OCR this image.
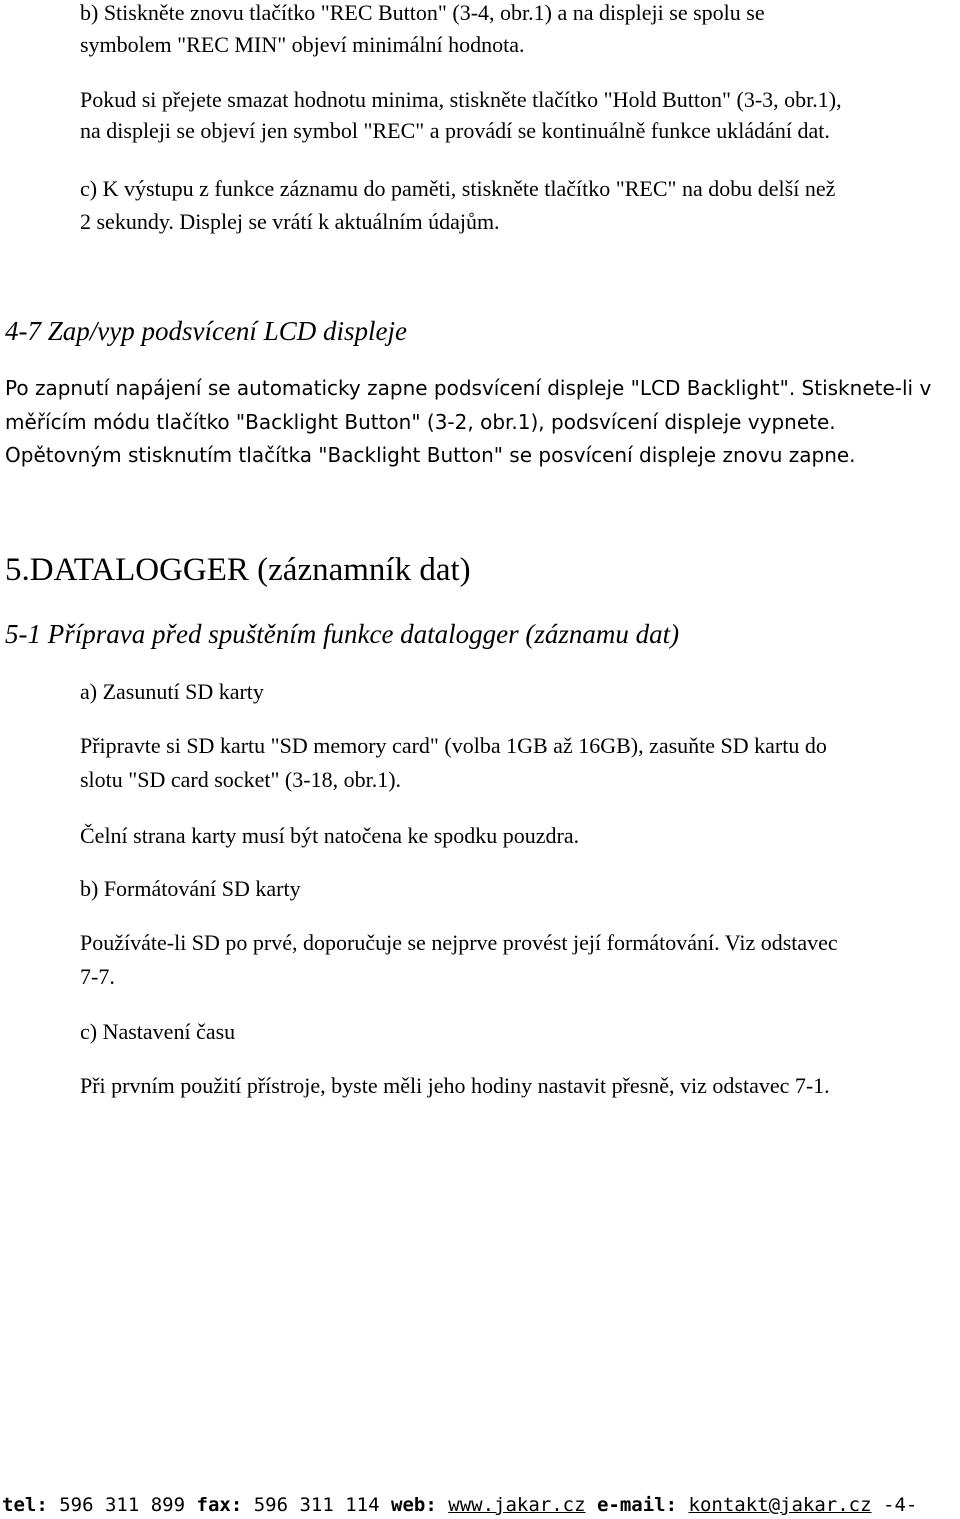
b) Stiskněte znovu tlačítko "REC Button" (3-4, obr.1) a na displeji se spolu se
symbolem "REC MIN" objeví minimální hodnota.
Pokud si přejete smazat hodnotu minima, stiskněte tlačítko "Hold Button" (3-3, obr.1),
na displeji se objeví jen symbol "REC" a provádí se kontinuálně funkce ukládání dat.
c) K výstupu z funkce záznamu do paměti, stiskněte tlačítko "REC" na dobu delší než
2 sekundy. Displej se vrátí k aktuálním údajům.
4-7 Zap/vyp podsvícení LCD displeje
Po zapnutí napájení se automaticky zapne podsvícení displeje "LCD Backlight". Stisknete-li v
měřícím módu tlačítko "Backlight Button" (3-2, obr.1), podsvícení displeje vypnete.
Opětovným stisknutím tlačítka "Backlight Button" se posvícení displeje znovu zapne.
5.DATALOGGER (záznamník dat)
5-1 Příprava před spuštěním funkce datalogger (záznamu dat)
a) Zasunutí SD karty
Připravte si SD kartu "SD memory card" (volba 1GB až 16GB), zasuňte SD kartu do
slotu "SD card socket" (3-18, obr.1).
Čelní strana karty musí být natočena ke spodku pouzdra.
b) Formátování SD karty
Používáte-li SD po prvé, doporučuje se nejprve provést její formátování. Viz odstavec
7-7.
c) Nastavení času
Při prvním použití přístroje, byste měli jeho hodiny nastavit přesně, viz odstavec 7-1.
tel: 596 311 899 fax: 596 311 114 web: www.jakar.cz e-mail: kontakt@jakar.cz -4-
